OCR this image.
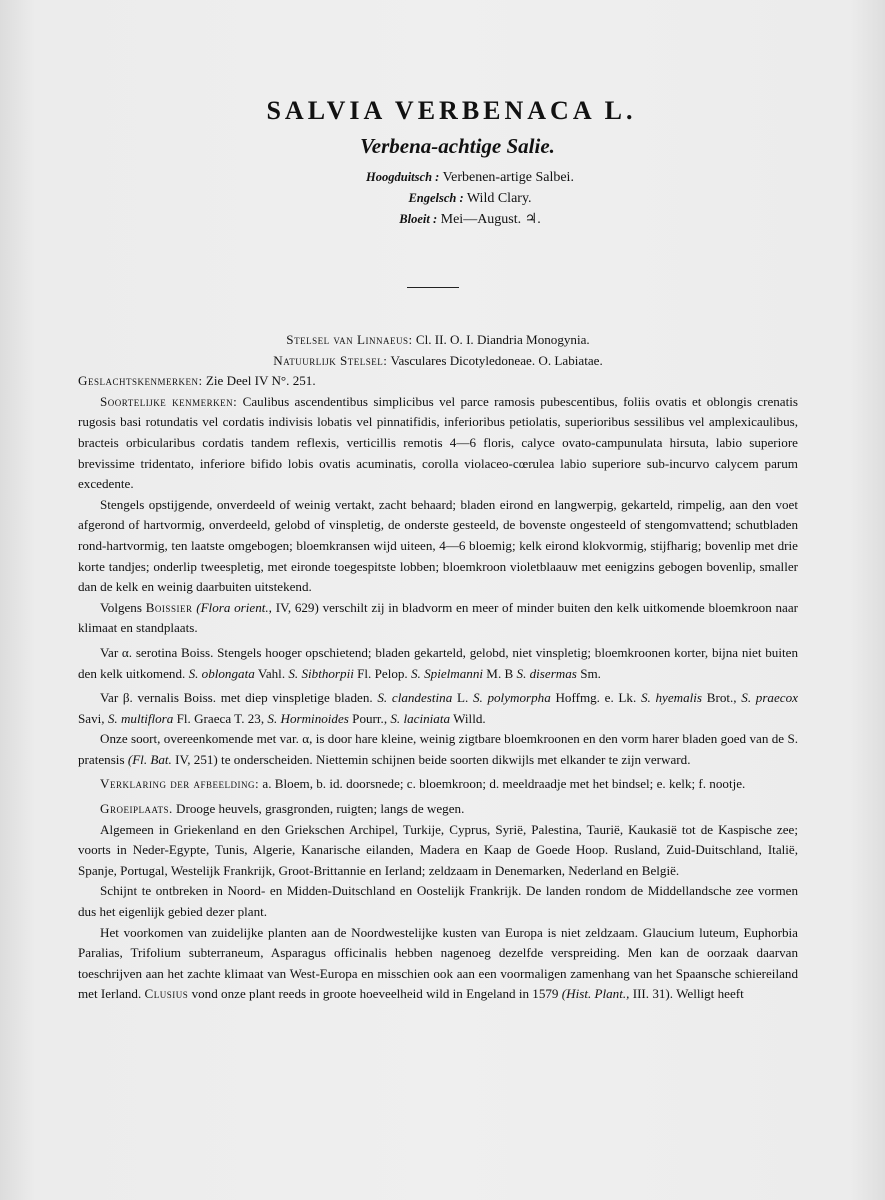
SALVIA VERBENACA L.
Verbena-achtige Salie.
Hoogduitsch : Verbenen-artige Salbei.
Engelsch : Wild Clary.
Bloeit : Mei—August. ♃.

Stelsel van Linnaeus: Cl. II. O. I. Diandria Monogynia.

Natuurlijk Stelsel: Vasculares Dicotyledoneae. O. Labiatae.

Geslachtskenmerken: Zie Deel IV N°. 251.

Soortelijke kenmerken: Caulibus ascendentibus simplicibus vel parce ramosis pubescentibus, foliis ovatis et oblongis crenatis rugosis basi rotundatis vel cordatis indivisis lobatis vel pinnatifidis, inferioribus petiolatis, superioribus sessilibus vel amplexicaulibus, bracteis orbicularibus cordatis tandem reflexis, verticillis remotis 4—6 floris, calyce ovato-campunulata hirsuta, labio superiore brevissime tridentato, inferiore bifido lobis ovatis acuminatis, corolla violaceo-cœrulea labio superiore sub-incurvo calycem parum excedente.

Stengels opstijgende, onverdeeld of weinig vertakt, zacht behaard; bladen eirond en langwerpig, gekarteld, rimpelig, aan den voet afgerond of hartvormig, onverdeeld, gelobd of vinspletig, de onderste gesteeld, de bovenste ongesteeld of stengomvattend; schutbladen rond-hartvormig, ten laatste omgebogen; bloemkransen wijd uiteen, 4—6 bloemig; kelk eirond klokvormig, stijfharig; bovenlip met drie korte tandjes; onderlip tweespletig, met eironde toegespitste lobben; bloemkroon violetblaauw met eenigzins gebogen bovenlip, smaller dan de kelk en weinig daarbuiten uitstekend.

Volgens Boissier (Flora orient., IV, 629) verschilt zij in bladvorm en meer of minder buiten den kelk uitkomende bloemkroon naar klimaat en standplaats.

Var α. serotina Boiss. Stengels hooger opschietend; bladen gekarteld, gelobd, niet vinspletig; bloemkroonen korter, bijna niet buiten den kelk uitkomend. S. oblongata Vahl. S. Sibthorpii Fl. Pelop. S. Spielmanni M. B S. disermas Sm.

Var β. vernalis Boiss. met diep vinspletige bladen. S. clandestina L. S. polymorpha Hoffmg. e. Lk. S. hyemalis Brot., S. praecox Savi, S. multiflora Fl. Graeca T. 23, S. Horminoides Pourr., S. laciniata Willd.

Onze soort, overeenkomende met var. α, is door hare kleine, weinig zigtbare bloemkroonen en den vorm harer bladen goed van de S. pratensis (Fl. Bat. IV, 251) te onderscheiden. Niettemin schijnen beide soorten dikwijls met elkander te zijn verward.

Verklaring der afbeelding: a. Bloem, b. id. doorsnede; c. bloemkroon; d. meeldraadje met het bindsel; e. kelk; f. nootje.

Groeiplaats. Drooge heuvels, grasgronden, ruigten; langs de wegen.

Algemeen in Griekenland en den Griekschen Archipel, Turkije, Cyprus, Syrië, Palestina, Taurië, Kaukasië tot de Kaspische zee; voorts in Neder-Egypte, Tunis, Algerie, Kanarische eilanden, Madera en Kaap de Goede Hoop. Rusland, Zuid-Duitschland, Italië, Spanje, Portugal, Westelijk Frankrijk, Groot-Brittannie en Ierland; zeldzaam in Denemarken, Nederland en België.

Schijnt te ontbreken in Noord- en Midden-Duitschland en Oostelijk Frankrijk. De landen rondom de Middellandsche zee vormen dus het eigenlijk gebied dezer plant.

Het voorkomen van zuidelijke planten aan de Noordwestelijke kusten van Europa is niet zeldzaam. Glaucium luteum, Euphorbia Paralias, Trifolium subterraneum, Asparagus officinalis hebben nagenoeg dezelfde verspreiding. Men kan de oorzaak daarvan toeschrijven aan het zachte klimaat van West-Europa en misschien ook aan een voormaligen zamenhang van het Spaansche schiereiland met Ierland. Clusius vond onze plant reeds in groote hoeveelheid wild in Engeland in 1579 (Hist. Plant., III. 31). Welligt heeft
